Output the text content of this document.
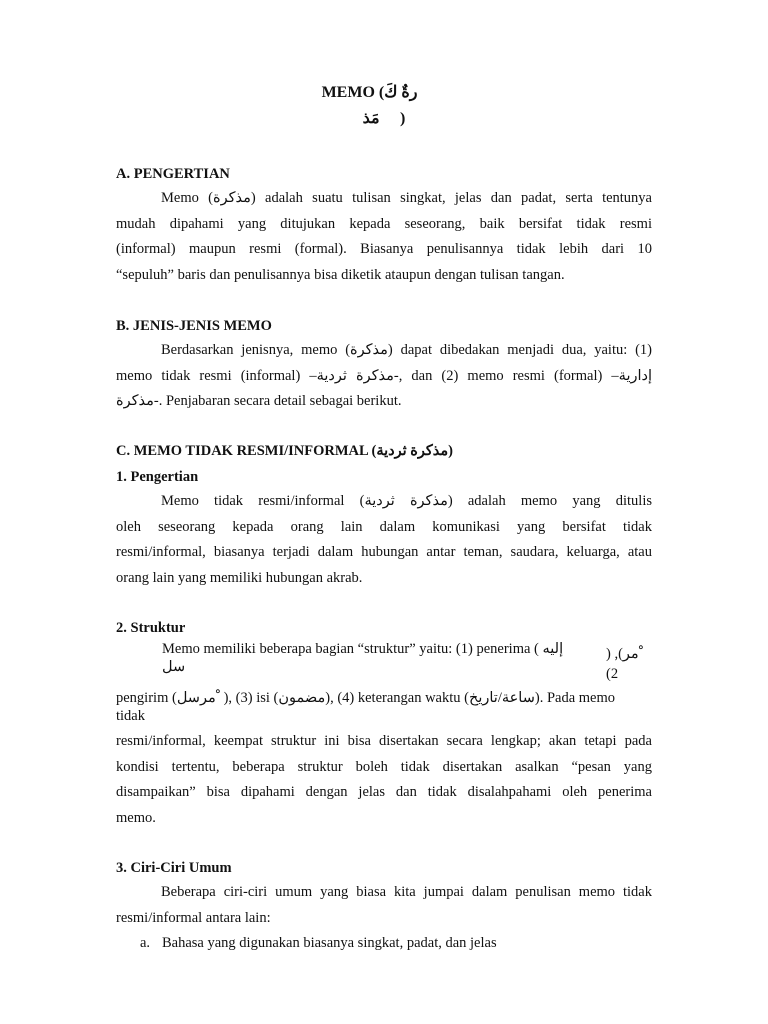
MEMO (رةٌ كَ ٌِ
مَذ ْ )
A. PENGERTIAN
Memo (مذكرة) adalah suatu tulisan singkat, jelas dan padat, serta tentunya
mudah dipahami yang ditujukan kepada seseorang, baik bersifat tidak resmi
(informal) maupun resmi (formal). Biasanya penulisannya tidak lebih dari 10
“sepuluh” baris dan penulisannya bisa diketik ataupun dengan tulisan tangan.
B. JENIS-JENIS MEMO
Berdasarkan jenisnya, memo (مذكرة) dapat dibedakan menjadi dua, yaitu: (1)
memo tidak resmi (informal) –مذكرة ثردية-, dan (2) memo resmi (formal) –إدارية
مذكرة-. Penjabaran secara detail sebagai berikut.
C. MEMO TIDAK RESMI/INFORMAL (مذكرة ثردية)
1. Pengertian
Memo tidak resmi/informal (مذكرة ثردية) adalah memo yang ditulis
oleh seseorang kepada orang lain dalam komunikasi yang bersifat tidak
resmi/informal, biasanya terjadi dalam hubungan antar teman, saudara, keluarga, atau
orang lain yang memiliki hubungan akrab.
2. Struktur
Memo memiliki beberapa bagian “struktur” yaitu: (1) penerima ( إليه
سل
) ,(مر ْ
(2
pengirim (مرسل ْ ), (3) isi (مضمون), (4) keterangan waktu (ساعة/تاريخ). Pada memo
tidak
resmi/informal, keempat struktur ini bisa disertakan secara lengkap; akan tetapi pada
kondisi tertentu, beberapa struktur boleh tidak disertakan asalkan “pesan yang
disampaikan” bisa dipahami dengan jelas dan tidak disalahpahami oleh penerima
memo.
3. Ciri-Ciri Umum
Beberapa ciri-ciri umum yang biasa kita jumpai dalam penulisan memo tidak
resmi/informal antara lain:
a. Bahasa yang digunakan biasanya singkat, padat, dan jelas
